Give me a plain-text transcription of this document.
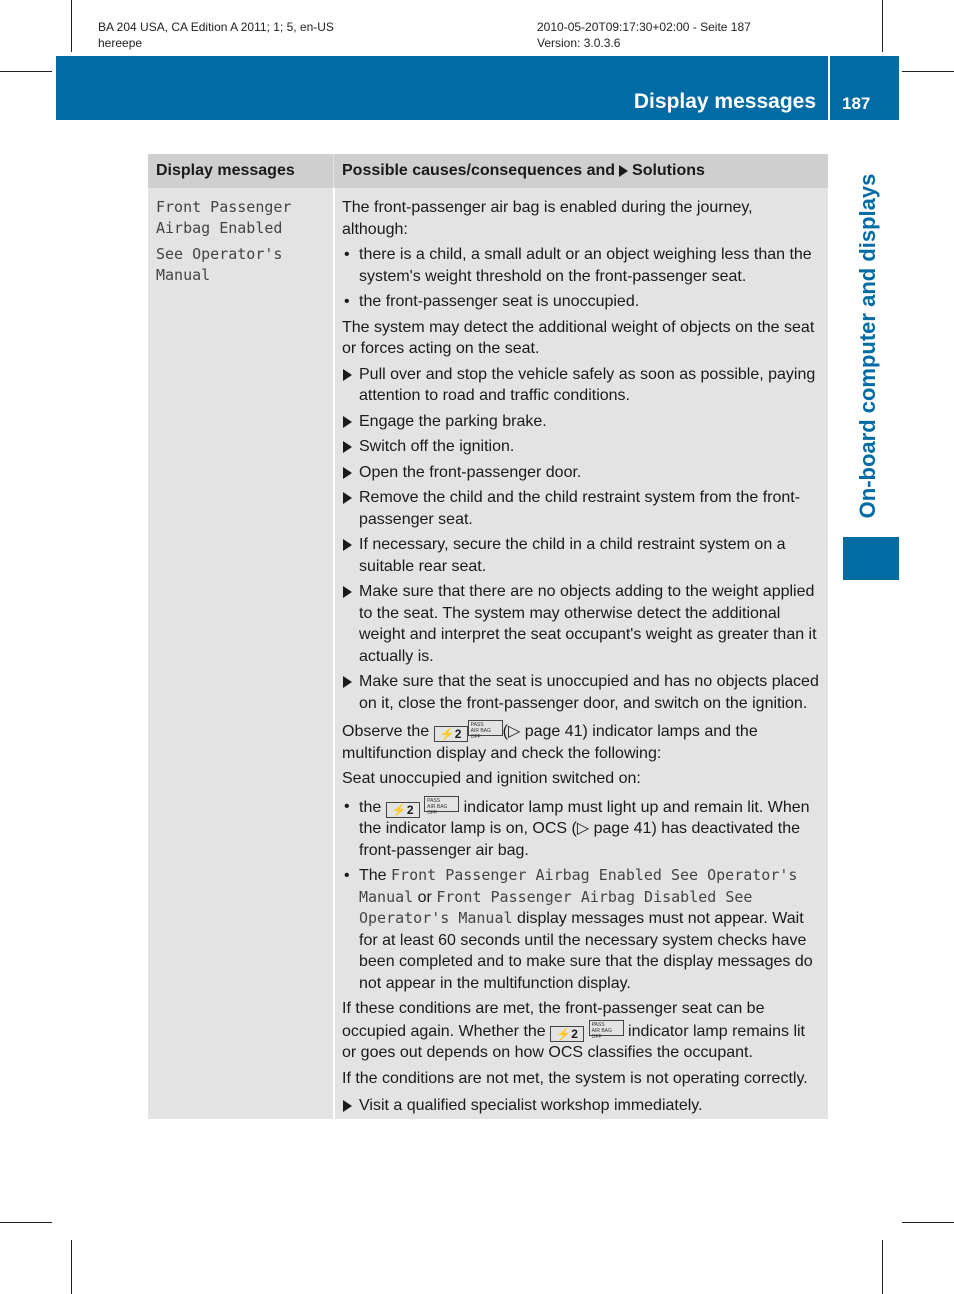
BA 204 USA, CA Edition A 2011; 1; 5, en-US
hereepe
2010-05-20T09:17:30+02:00 - Seite 187
Version: 3.0.3.6
Display messages 187
On-board computer and displays
Display messages	Possible causes/consequences and Solutions

Front Passenger Airbag Enabled

See Operator's Manual

The front-passenger air bag is enabled during the journey, although:

• there is a child, a small adult or an object weighing less than the system's weight threshold on the front-passenger seat.
• the front-passenger seat is unoccupied.

The system may detect the additional weight of objects on the seat or forces acting on the seat.

Pull over and stop the vehicle safely as soon as possible, paying attention to road and traffic conditions.
Engage the parking brake.
Switch off the ignition.
Open the front-passenger door.
Remove the child and the child restraint system from the front-passenger seat.
If necessary, secure the child in a child restraint system on a suitable rear seat.
Make sure that there are no objects adding to the weight applied to the seat. The system may otherwise detect the additional weight and interpret the seat occupant's weight as greater than it actually is.
Make sure that the seat is unoccupied and has no objects placed on it, close the front-passenger door, and switch on the ignition.

Observe the ⚡2PASS
AIR BAG OFF (▷ page 41) indicator lamps and the multifunction display and check the following:

Seat unoccupied and ignition switched on:

• the ⚡2 PASS
AIR BAG OFF indicator lamp must light up and remain lit. When the indicator lamp is on, OCS (▷ page 41) has deactivated the front-passenger air bag.
• The Front Passenger Airbag Enabled See Operator's Manual or Front Passenger Airbag Disabled See Operator's Manual display messages must not appear. Wait for at least 60 seconds until the necessary system checks have been completed and to make sure that the display messages do not appear in the multifunction display.

If these conditions are met, the front-passenger seat can be occupied again. Whether the ⚡2 PASS
AIR BAG OFF indicator lamp remains lit or goes out depends on how OCS classifies the occupant.

If the conditions are not met, the system is not operating correctly.

Visit a qualified specialist workshop immediately.
